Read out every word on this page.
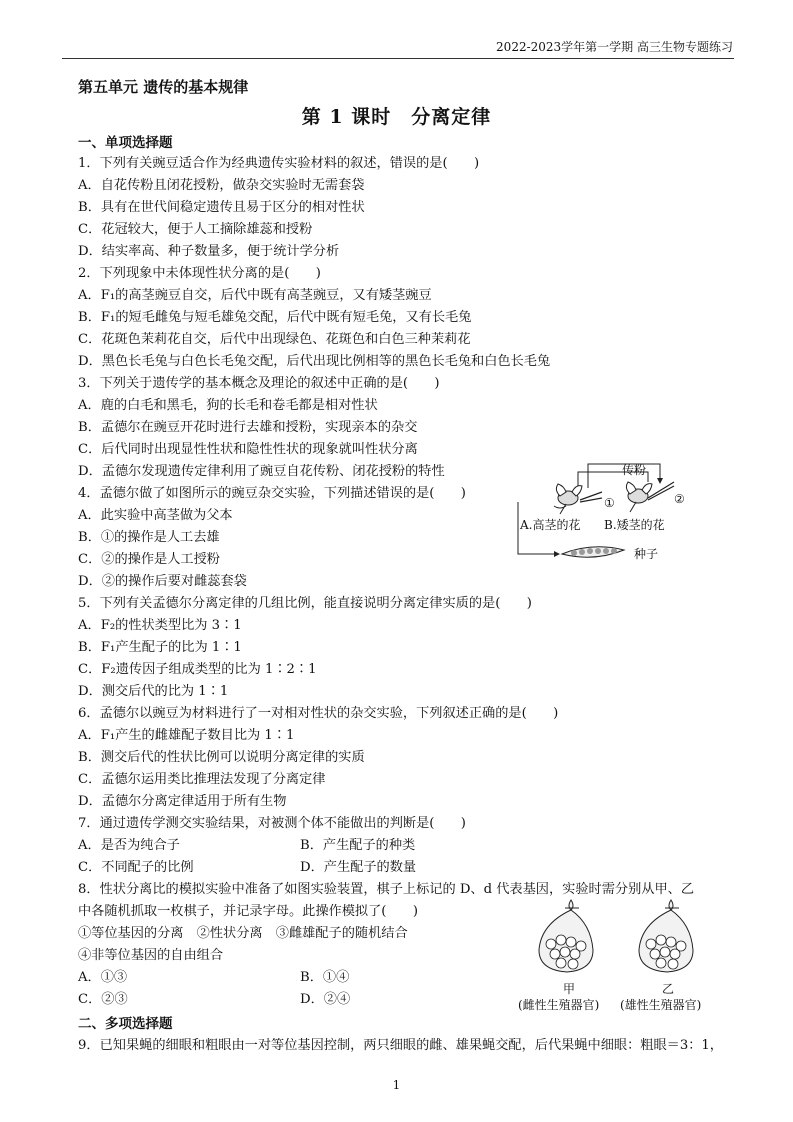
2022-2023学年第一学期 高三生物专题练习
第五单元 遗传的基本规律
第 1 课时　分离定律
一、单项选择题
1．下列有关豌豆适合作为经典遗传实验材料的叙述，错误的是(　　)
A．自花传粉且闭花授粉，做杂交实验时无需套袋
B．具有在世代间稳定遗传且易于区分的相对性状
C．花冠较大，便于人工摘除雄蕊和授粉
D．结实率高、种子数量多，便于统计学分析
2．下列现象中未体现性状分离的是(　　)
A．F₁的高茎豌豆自交，后代中既有高茎豌豆，又有矮茎豌豆
B．F₁的短毛雌兔与短毛雄兔交配，后代中既有短毛兔，又有长毛兔
C．花斑色茉莉花自交，后代中出现绿色、花斑色和白色三种茉莉花
D．黑色长毛兔与白色长毛兔交配，后代出现比例相等的黑色长毛兔和白色长毛兔
3．下列关于遗传学的基本概念及理论的叙述中正确的是(　　)
A．鹿的白毛和黑毛，狗的长毛和卷毛都是相对性状
B．孟德尔在豌豆开花时进行去雄和授粉，实现亲本的杂交
C．后代同时出现显性性状和隐性性状的现象就叫性状分离
D．孟德尔发现遗传定律利用了豌豆自花传粉、闭花授粉的特性
4．孟德尔做了如图所示的豌豆杂交实验，下列描述错误的是(　　)
A．此实验中高茎做为父本
B．①的操作是人工去雄
C．②的操作是人工授粉
D．②的操作后要对雌蕊套袋
传粉
①	②
A.高茎的花 B.矮茎的花
种子
5．下列有关孟德尔分离定律的几组比例，能直接说明分离定律实质的是(　　)
A．F₂的性状类型比为 3∶1
B．F₁产生配子的比为 1∶1
C．F₂遗传因子组成类型的比为 1∶2∶1
D．测交后代的比为 1∶1
6．孟德尔以豌豆为材料进行了一对相对性状的杂交实验，下列叙述正确的是(　　)
A．F₁产生的雌雄配子数目比为 1∶1
B．测交后代的性状比例可以说明分离定律的实质
C．孟德尔运用类比推理法发现了分离定律
D．孟德尔分离定律适用于所有生物
7．通过遗传学测交实验结果，对被测个体不能做出的判断是(　　)
A．是否为纯合子	B．产生配子的种类
C．不同配子的比例	D．产生配子的数量
8．性状分离比的模拟实验中准备了如图实验装置，棋子上标记的 D、d 代表基因，实验时需分别从甲、乙
中各随机抓取一枚棋子，并记录字母。此操作模拟了(　　)
①等位基因的分离　②性状分离　③雌雄配子的随机结合
④非等位基因的自由组合
A．①③	B．①④
C．②③	D．②④
甲	乙
(雌性生殖器官) (雄性生殖器官)
二、多项选择题
9．已知果蝇的细眼和粗眼由一对等位基因控制，两只细眼的雌、雄果蝇交配，后代果蝇中细眼：粗眼＝3：1，
1
